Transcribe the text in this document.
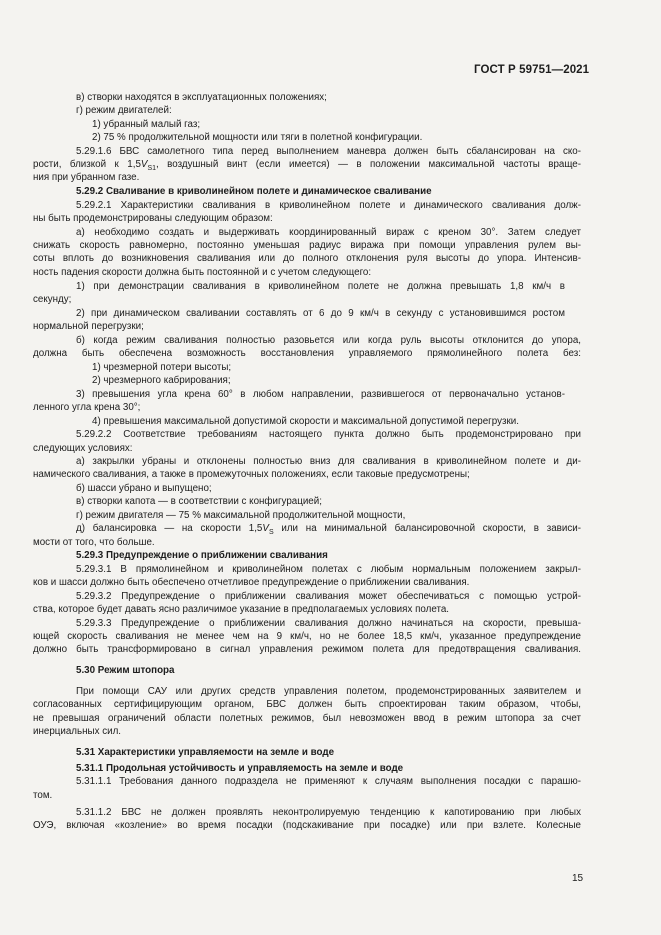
ГОСТ Р 59751—2021
в) створки находятся в эксплуатационных положениях;
г) режим двигателей:
1) убранный малый газ;
2) 75 % продолжительной мощности или тяги в полетной конфигурации.
5.29.1.6 БВС самолетного типа перед выполнением маневра должен быть сбалансирован на ско-
рости, близкой к $1,5V_{S1}$, воздушный винт (если имеется) — в положении максимальной частоты враще-
ния при убранном газе.
5.29.2 Сваливание в криволинейном полете и динамическое сваливание
5.29.2.1 Характеристики сваливания в криволинейном полете и динамического сваливания долж-
ны быть продемонстрированы следующим образом:
а) необходимо создать и выдерживать координированный вираж с креном 30°. Затем следует
снижать скорость равномерно, постоянно уменьшая радиус виража при помощи управления рулем вы-
соты вплоть до возникновения сваливания или до полного отклонения руля высоты до упора. Интенсив-
ность падения скорости должна быть постоянной и с учетом следующего:
1) при демонстрации сваливания в криволинейном полете не должна превышать 1,8 км/ч в
секунду;
2) при динамическом сваливании составлять от 6 до 9 км/ч в секунду с установившимся ростом
нормальной перегрузки;
б) когда режим сваливания полностью разовьется или когда руль высоты отклонится до упора,
должна быть обеспечена возможность восстановления управляемого прямолинейного полета без:
1) чрезмерной потери высоты;
2) чрезмерного кабрирования;
3) превышения угла крена 60° в любом направлении, развившегося от первоначально установ-
ленного угла крена 30°;
4) превышения максимальной допустимой скорости и максимальной допустимой перегрузки.
5.29.2.2 Соответствие требованиям настоящего пункта должно быть продемонстрировано при
следующих условиях:
а) закрылки убраны и отклонены полностью вниз для сваливания в криволинейном полете и ди-
намического сваливания, а также в промежуточных положениях, если таковые предусмотрены;
б) шасси убрано и выпущено;
в) створки капота — в соответствии с конфигурацией;
г) режим двигателя — 75 % максимальной продолжительной мощности,
д) балансировка — на скорости $1,5V_S$ или на минимальной балансировочной скорости, в зависи-
мости от того, что больше.
5.29.3 Предупреждение о приближении сваливания
5.29.3.1 В прямолинейном и криволинейном полетах с любым нормальным положением закрыл-
ков и шасси должно быть обеспечено отчетливое предупреждение о приближении сваливания.
5.29.3.2 Предупреждение о приближении сваливания может обеспечиваться с помощью устрой-
ства, которое будет давать ясно различимое указание в предполагаемых условиях полета.
5.29.3.3 Предупреждение о приближении сваливания должно начинаться на скорости, превыша-
ющей скорость сваливания не менее чем на 9 км/ч, но не более 18,5 км/ч, указанное предупреждение
должно быть трансформировано в сигнал управления режимом полета для предотвращения сваливания.
5.30 Режим штопора
При помощи САУ или других средств управления полетом, продемонстрированных заявителем и
согласованных сертифицирующим органом, БВС должен быть спроектирован таким образом, чтобы,
не превышая ограничений области полетных режимов, был невозможен ввод в режим штопора за счет
инерциальных сил.
5.31 Характеристики управляемости на земле и воде
5.31.1 Продольная устойчивость и управляемость на земле и воде
5.31.1.1 Требования данного подраздела не применяют к случаям выполнения посадки с парашю-
том.
5.31.1.2 БВС не должен проявлять неконтролируемую тенденцию к капотированию при любых
ОУЭ, включая «козление» во время посадки (подскакивание при посадке) или при взлете. Колесные
15
